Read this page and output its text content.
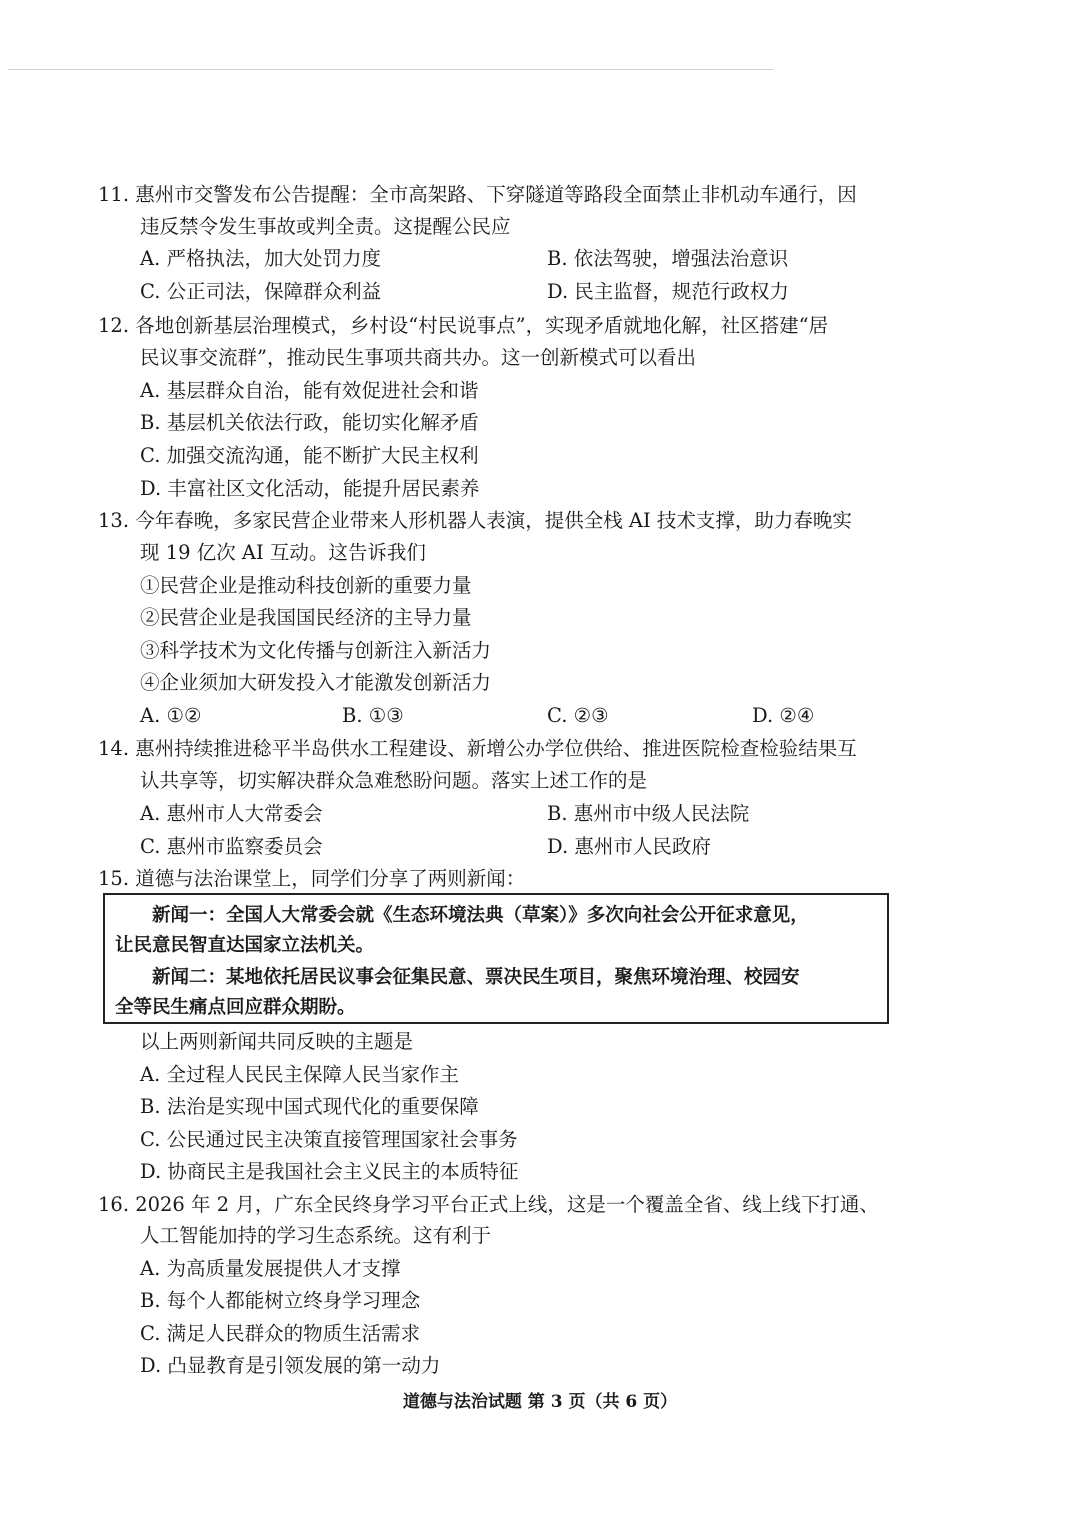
11. 惠州市交警发布公告提醒：全市高架路、下穿隧道等路段全面禁止非机动车通行，因
违反禁令发生事故或判全责。这提醒公民应
A. 严格执法，加大处罚力度	B. 依法驾驶，增强法治意识
C. 公正司法，保障群众利益	D. 民主监督，规范行政权力
12. 各地创新基层治理模式，乡村设“村民说事点”，实现矛盾就地化解，社区搭建“居
民议事交流群”，推动民生事项共商共办。这一创新模式可以看出
A. 基层群众自治，能有效促进社会和谐
B. 基层机关依法行政，能切实化解矛盾
C. 加强交流沟通，能不断扩大民主权利
D. 丰富社区文化活动，能提升居民素养
13. 今年春晚，多家民营企业带来人形机器人表演，提供全栈 AI 技术支撑，助力春晚实
现 19 亿次 AI 互动。这告诉我们
①民营企业是推动科技创新的重要力量
②民营企业是我国国民经济的主导力量
③科学技术为文化传播与创新注入新活力
④企业须加大研发投入才能激发创新活力
A. ①②	B. ①③	C. ②③	D. ②④
14. 惠州持续推进稔平半岛供水工程建设、新增公办学位供给、推进医院检查检验结果互
认共享等，切实解决群众急难愁盼问题。落实上述工作的是
A. 惠州市人大常委会	B. 惠州市中级人民法院
C. 惠州市监察委员会	D. 惠州市人民政府
15. 道德与法治课堂上，同学们分享了两则新闻：
新闻一：全国人大常委会就《生态环境法典（草案）》多次向社会公开征求意见，
让民意民智直达国家立法机关。
新闻二：某地依托居民议事会征集民意、票决民生项目，聚焦环境治理、校园安
全等民生痛点回应群众期盼。
以上两则新闻共同反映的主题是
A. 全过程人民民主保障人民当家作主
B. 法治是实现中国式现代化的重要保障
C. 公民通过民主决策直接管理国家社会事务
D. 协商民主是我国社会主义民主的本质特征
16. 2026 年 2 月，广东全民终身学习平台正式上线，这是一个覆盖全省、线上线下打通、
人工智能加持的学习生态系统。这有利于
A. 为高质量发展提供人才支撑
B. 每个人都能树立终身学习理念
C. 满足人民群众的物质生活需求
D. 凸显教育是引领发展的第一动力
道德与法治试题 第 3 页（共 6 页）
